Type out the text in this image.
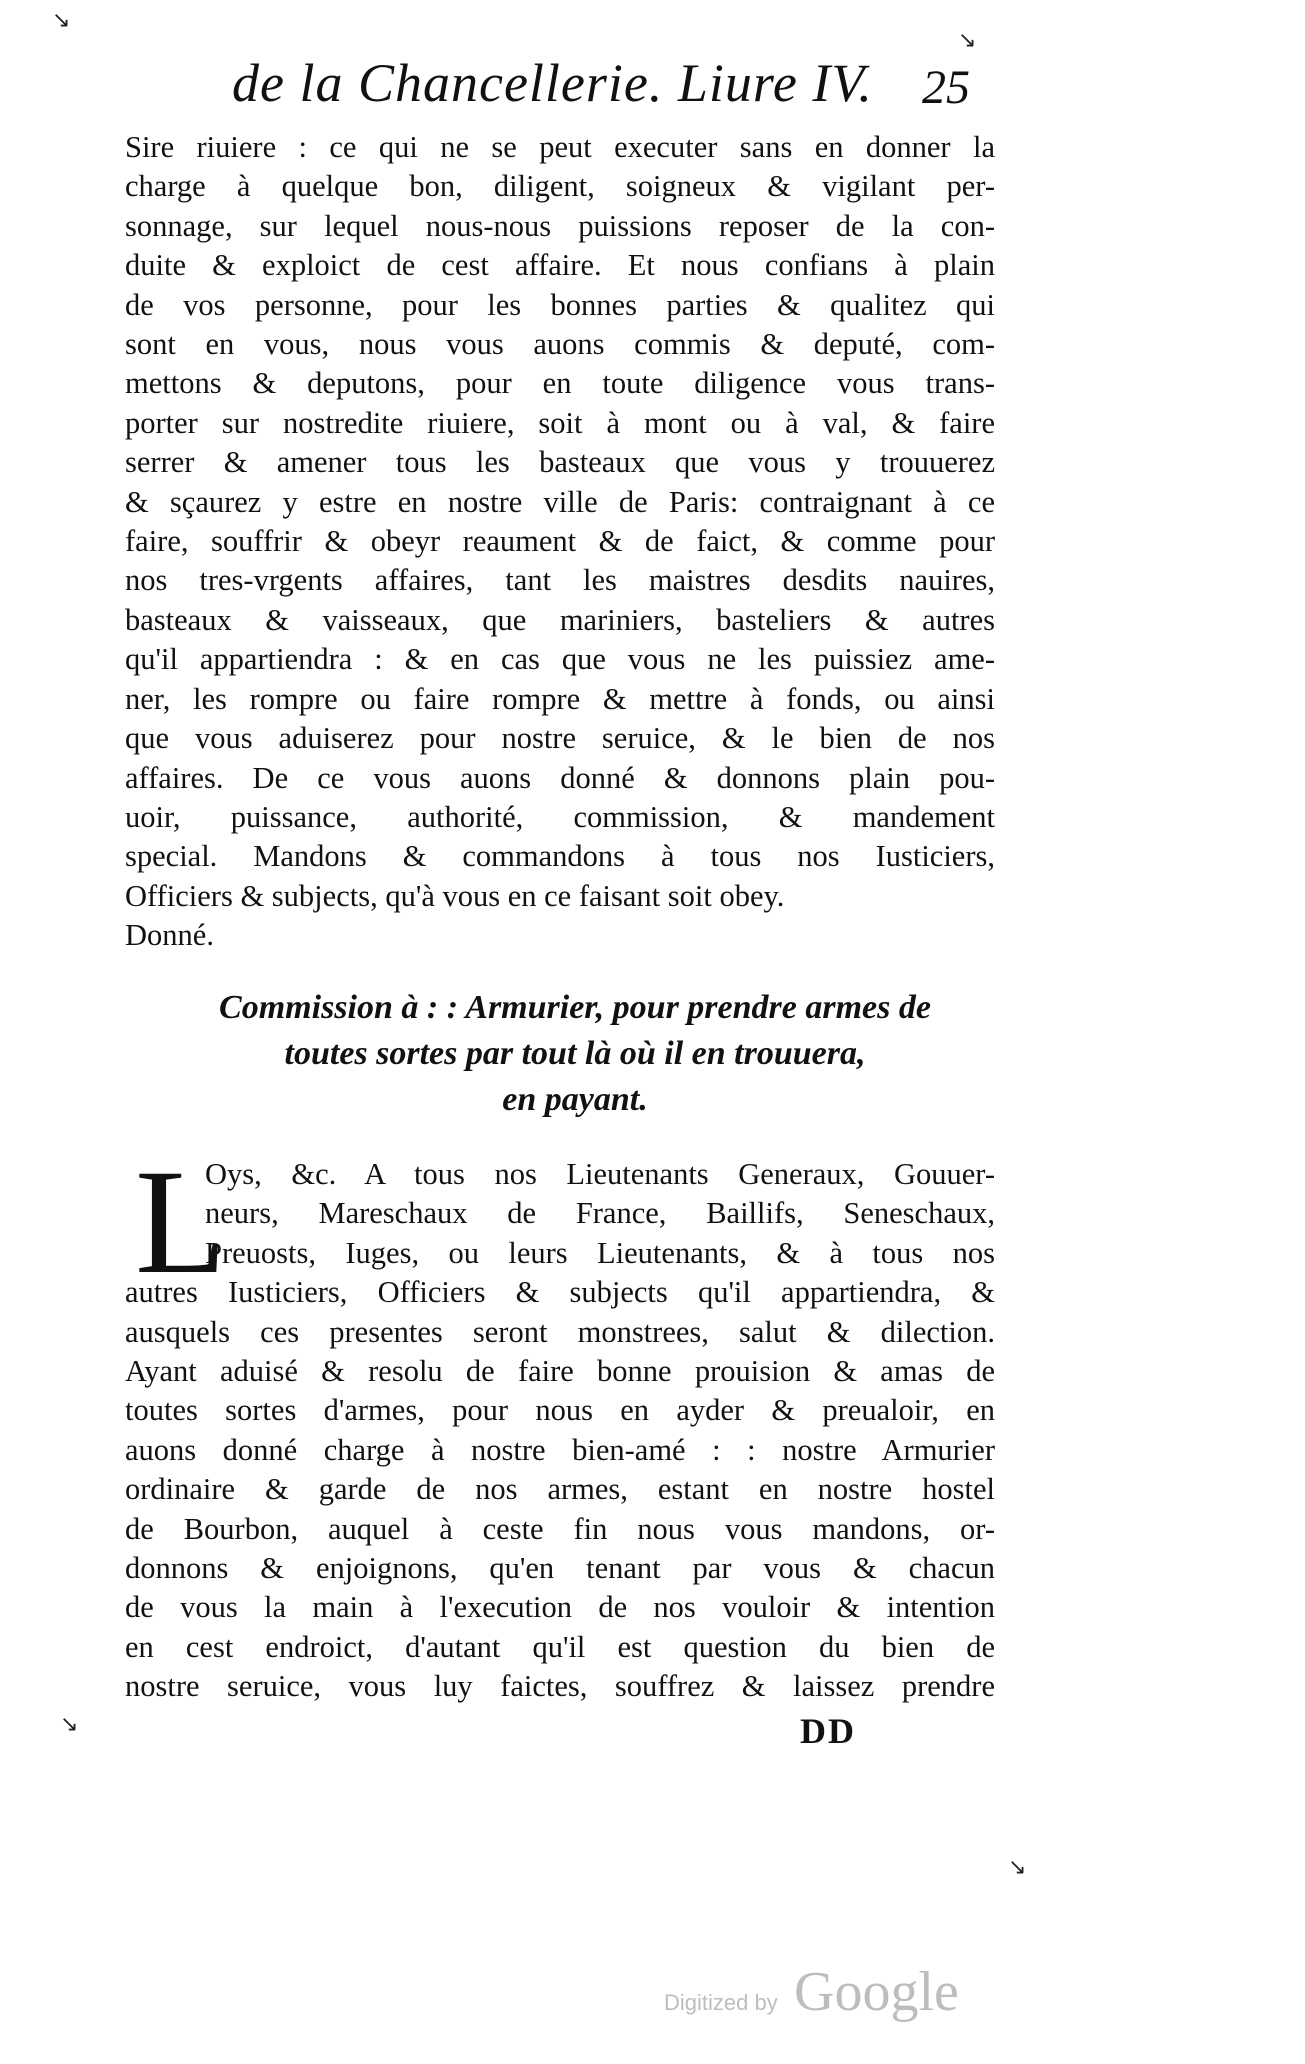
↘
↘
↘
↘
de la Chancellerie. Liure IV. 25
Sire riuiere : ce qui ne se peut executer sans en donner la
charge à quelque bon, diligent, soigneux & vigilant per-
sonnage, sur lequel nous-nous puissions reposer de la con-
duite & exploict de cest affaire. Et nous confians à plain
de vos personne, pour les bonnes parties & qualitez qui
sont en vous, nous vous auons commis & deputé, com-
mettons & deputons, pour en toute diligence vous trans-
porter sur nostredite riuiere, soit à mont ou à val, & faire
serrer & amener tous les basteaux que vous y trouuerez
& sçaurez y estre en nostre ville de Paris: contraignant à ce
faire, souffrir & obeyr reaument & de faict, & comme pour
nos tres-vrgents affaires, tant les maistres desdits nauires,
basteaux & vaisseaux, que mariniers, basteliers & autres
qu'il appartiendra : & en cas que vous ne les puissiez ame-
ner, les rompre ou faire rompre & mettre à fonds, ou ainsi
que vous aduiserez pour nostre seruice, & le bien de nos
affaires. De ce vous auons donné & donnons plain pou-
uoir, puissance, authorité, commission, & mandement
special. Mandons & commandons à tous nos Iusticiers,
Officiers & subjects, qu'à vous en ce faisant soit obey.
Donné.
Commission à : : Armurier, pour prendre armes de
toutes sortes par tout là où il en trouuera,
en payant.
L
Oys, &c. A tous nos Lieutenants Generaux, Gouuer-
neurs, Mareschaux de France, Baillifs, Seneschaux,
Preuosts, Iuges, ou leurs Lieutenants, & à tous nos
autres Iusticiers, Officiers & subjects qu'il appartiendra, &
ausquels ces presentes seront monstrees, salut & dilection.
Ayant aduisé & resolu de faire bonne prouision & amas de
toutes sortes d'armes, pour nous en ayder & preualoir, en
auons donné charge à nostre bien-amé : : nostre Armurier
ordinaire & garde de nos armes, estant en nostre hostel
de Bourbon, auquel à ceste fin nous vous mandons, or-
donnons & enjoignons, qu'en tenant par vous & chacun
de vous la main à l'execution de nos vouloir & intention
en cest endroict, d'autant qu'il est question du bien de
nostre seruice, vous luy faictes, souffrez & laissez prendre
DD
Digitized by Google
